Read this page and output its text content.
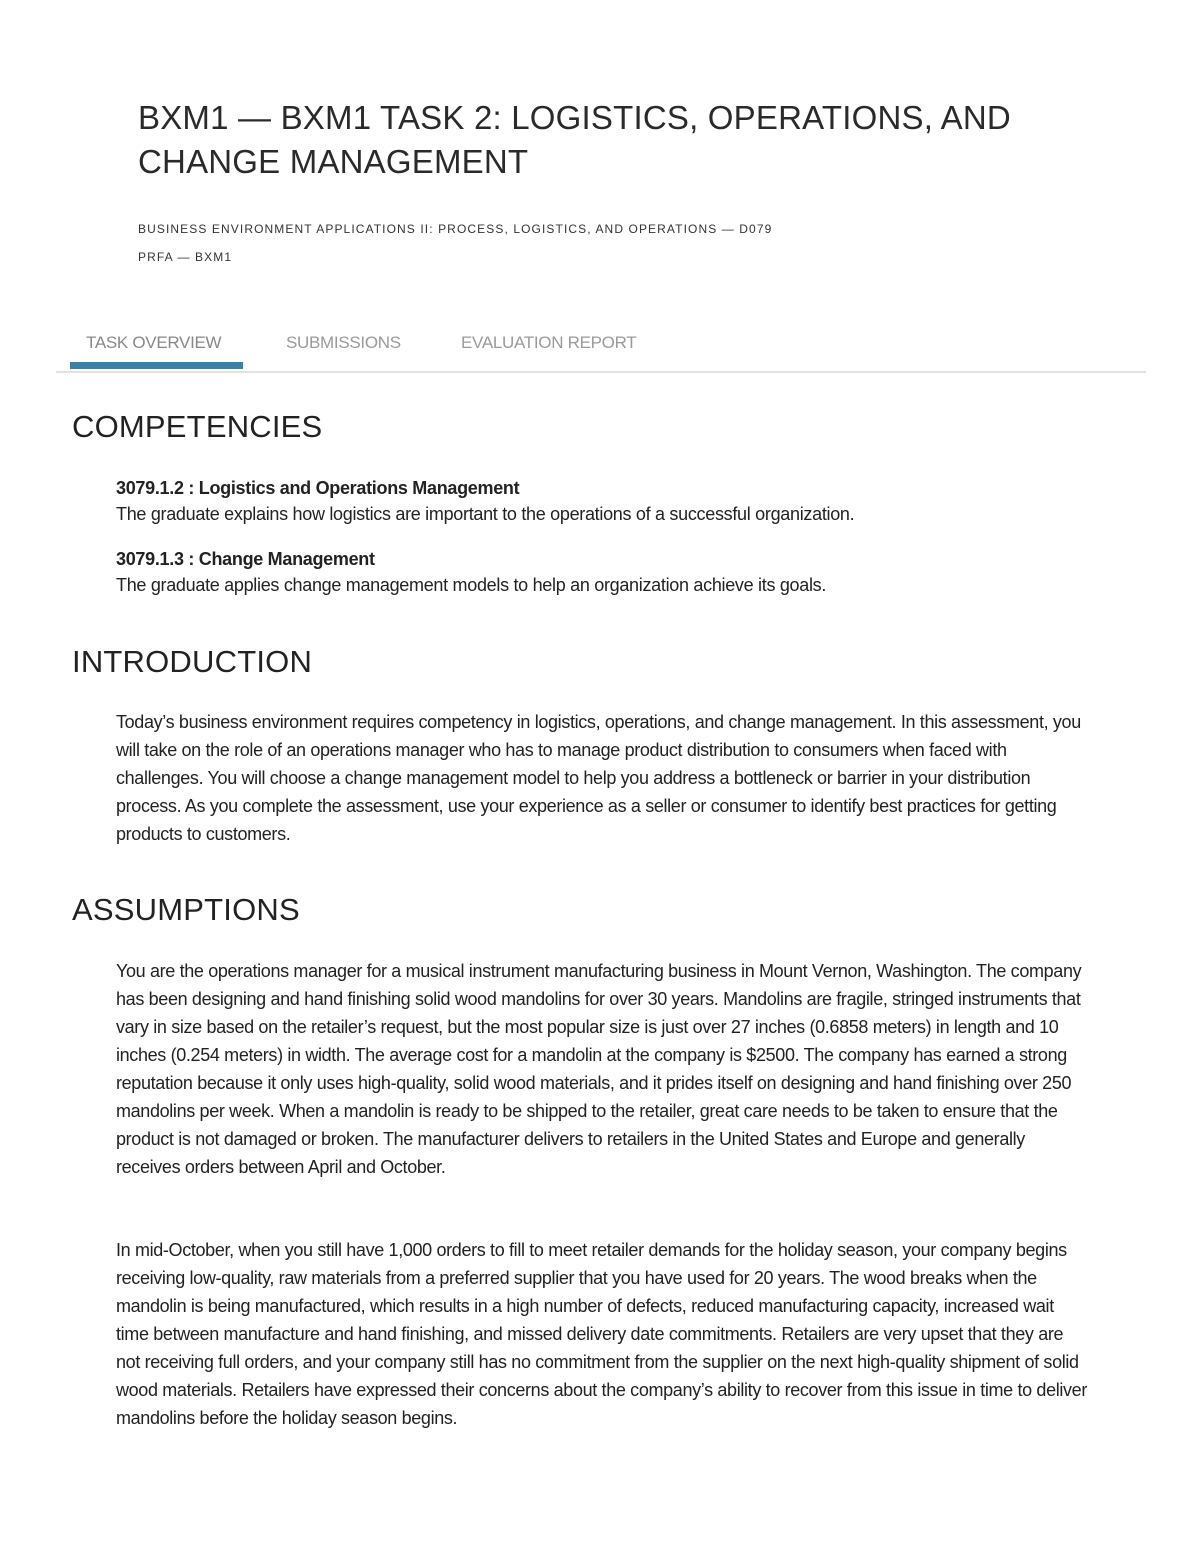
BXM1 — BXM1 TASK 2: LOGISTICS, OPERATIONS, AND CHANGE MANAGEMENT

BUSINESS ENVIRONMENT APPLICATIONS II: PROCESS, LOGISTICS, AND OPERATIONS — D079

PRFA — BXM1

TASK OVERVIEW	SUBMISSIONS	EVALUATION REPORT
COMPETENCIES
3079.1.2 : Logistics and Operations Management
The graduate explains how logistics are important to the operations of a successful organization.
3079.1.3 : Change Management
The graduate applies change management models to help an organization achieve its goals.
INTRODUCTION

Today’s business environment requires competency in logistics, operations, and change management. In this assessment, you will take on the role of an operations manager who has to manage product distribution to consumers when faced with challenges. You will choose a change management model to help you address a bottleneck or barrier in your distribution process. As you complete the assessment, use your experience as a seller or consumer to identify best practices for getting products to customers.

ASSUMPTIONS

You are the operations manager for a musical instrument manufacturing business in Mount Vernon, Washington. The company has been designing and hand finishing solid wood mandolins for over 30 years. Mandolins are fragile, stringed instruments that vary in size based on the retailer’s request, but the most popular size is just over 27 inches (0.6858 meters) in length and 10 inches (0.254 meters) in width. The average cost for a mandolin at the company is $2500. The company has earned a strong reputation because it only uses high-quality, solid wood materials, and it prides itself on designing and hand finishing over 250 mandolins per week. When a mandolin is ready to be shipped to the retailer, great care needs to be taken to ensure that the product is not damaged or broken. The manufacturer delivers to retailers in the United States and Europe and generally receives orders between April and October.

In mid-October, when you still have 1,000 orders to fill to meet retailer demands for the holiday season, your company begins receiving low-quality, raw materials from a preferred supplier that you have used for 20 years. The wood breaks when the mandolin is being manufactured, which results in a high number of defects, reduced manufacturing capacity, increased wait time between manufacture and hand finishing, and missed delivery date commitments. Retailers are very upset that they are not receiving full orders, and your company still has no commitment from the supplier on the next high-quality shipment of solid wood materials. Retailers have expressed their concerns about the company’s ability to recover from this issue in time to deliver mandolins before the holiday season begins.
